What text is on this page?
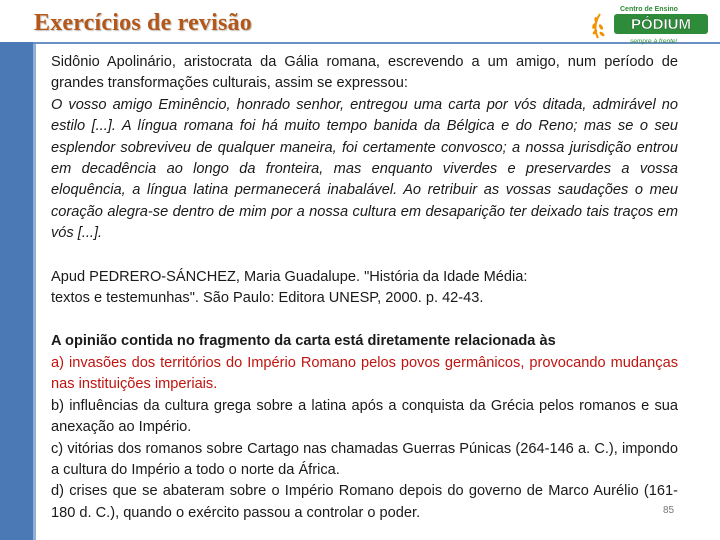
Exercícios de revisão
Centro de Ensino
PÓDIUM
sempre à frente!

Sidônio Apolinário, aristocrata da Gália romana, escrevendo a um amigo, num período de grandes transformações culturais, assim se expressou:

O vosso amigo Eminêncio, honrado senhor, entregou uma carta por vós ditada, admirável no estilo [...]. A língua romana foi há muito tempo banida da Bélgica e do Reno; mas se o seu esplendor sobreviveu de qualquer maneira, foi certamente convosco; a nossa jurisdição entrou em decadência ao longo da fronteira, mas enquanto viverdes e preservardes a vossa eloquência, a língua latina permanecerá inabalável. Ao retribuir as vossas saudações o meu coração alegra-se dentro de mim por a nossa cultura em desaparição ter deixado tais traços em vós [...].

Apud PEDRERO-SÁNCHEZ, Maria Guadalupe. "História da Idade Média:
textos e testemunhas". São Paulo: Editora UNESP, 2000. p. 42-43.

A opinião contida no fragmento da carta está diretamente relacionada às

a) invasões dos territórios do Império Romano pelos povos germânicos, provocando mudanças nas instituições imperiais.

b) influências da cultura grega sobre a latina após a conquista da Grécia pelos romanos e sua anexação ao Império.

c) vitórias dos romanos sobre Cartago nas chamadas Guerras Púnicas (264-146 a. C.), impondo a cultura do Império a todo o norte da África.

d) crises que se abateram sobre o Império Romano depois do governo de Marco Aurélio (161-180 d. C.), quando o exército passou a controlar o poder.	85
